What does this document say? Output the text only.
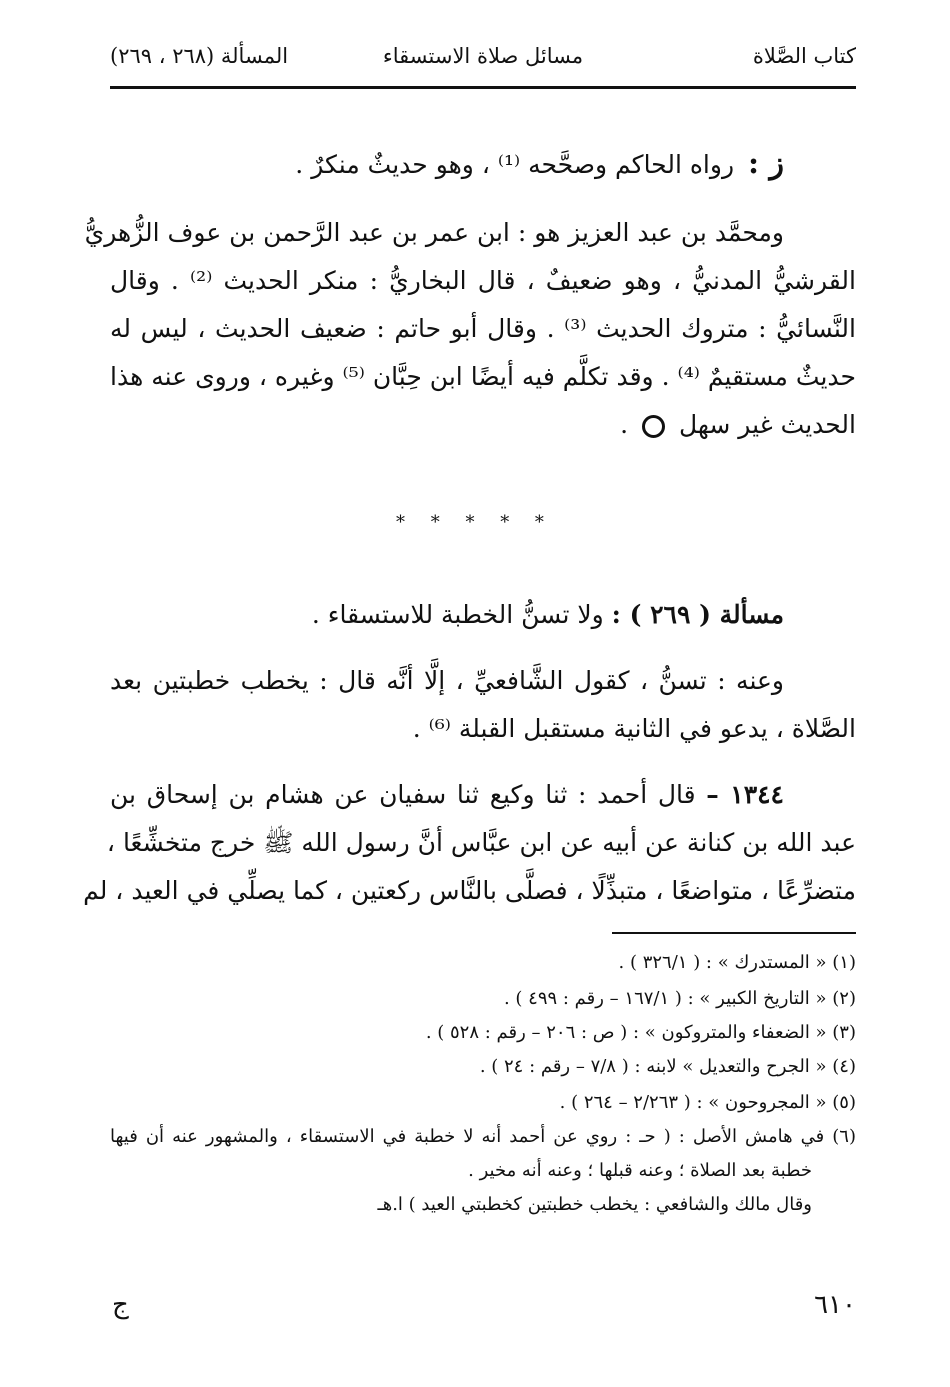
كتاب الصَّلاة
مسائل صلاة الاستسقاء
المسألة (٢٦٨ ، ٢٦٩)
ز : رواه الحاكم وصحَّحه ⁽¹⁾ ، وهو حديثٌ منكرٌ .
ومحمَّد بن عبد العزيز هو : ابن عمر بن عبد الرَّحمن بن عوف الزُّهريُّ
القرشيُّ المدنيُّ ، وهو ضعيفٌ ، قال البخاريُّ : منكر الحديث ⁽²⁾ . وقال
النَّسائيُّ : متروك الحديث ⁽³⁾ . وقال أبو حاتم : ضعيف الحديث ، ليس له
حديثٌ مستقيمٌ ⁽⁴⁾ . وقد تكلَّم فيه أيضًا ابن حِبَّان ⁽⁵⁾ وغيره ، وروى عنه هذا
الحديث غير سهل  .
* * * * *
مسألة ( ٢٦٩ ) : ولا تسنُّ الخطبة للاستسقاء .
وعنه : تسنُّ ، كقول الشَّافعيِّ ، إلَّا أنَّه قال : يخطب خطبتين بعد
الصَّلاة ، يدعو في الثانية مستقبل القبلة ⁽⁶⁾ .
١٣٤٤ – قال أحمد : ثنا وكيع ثنا سفيان عن هشام بن إسحاق بن
عبد الله بن كنانة عن أبيه عن ابن عبَّاس أنَّ رسول الله ﷺ خرج متخشِّعًا ،
متضرِّعًا ، متواضعًا ، متبذِّلًا ، فصلَّى بالنَّاس ركعتين ، كما يصلِّي في العيد ، لم
(١) « المستدرك » : ( ٣٢٦/١ ) .
(٢) « التاريخ الكبير » : ( ١٦٧/١ – رقم : ٤٩٩ ) .
(٣) « الضعفاء والمتروكون » : ( ص : ٢٠٦ – رقم : ٥٢٨ ) .
(٤) « الجرح والتعديل » لابنه : ( ٧/٨ – رقم : ٢٤ ) .
(٥) « المجروحون » : ( ٢/٢٦٣ – ٢٦٤ ) .
(٦) في هامش الأصل : ( حـ : روي عن أحمد أنه لا خطبة في الاستسقاء ، والمشهور عنه أن فيها
خطبة بعد الصلاة ؛ وعنه قبلها ؛ وعنه أنه مخير .
وقال مالك والشافعي : يخطب خطبتين كخطبتي العيد ) ا.هـ
٦١٠
ج
